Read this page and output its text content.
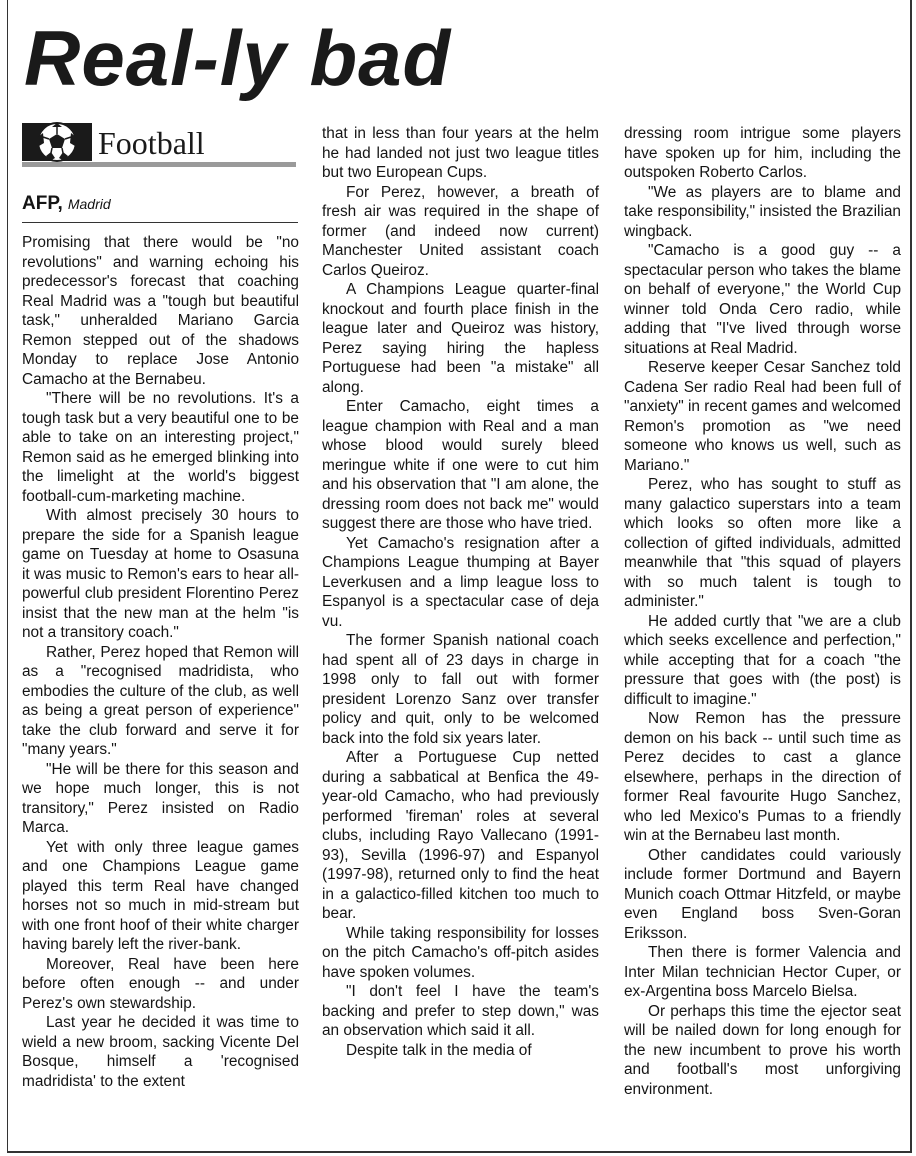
Real-ly bad
Football
AFP, Madrid

Promising that there would be "no revolutions" and warning echoing his predecessor's forecast that coaching Real Madrid was a "tough but beautiful task," unheralded Mariano Garcia Remon stepped out of the shadows Monday to replace Jose Antonio Camacho at the Bernabeu.

"There will be no revolutions. It's a tough task but a very beautiful one to be able to take on an interesting project," Remon said as he emerged blinking into the limelight at the world's biggest football-cum-marketing machine.

With almost precisely 30 hours to prepare the side for a Spanish league game on Tuesday at home to Osasuna it was music to Remon's ears to hear all-powerful club president Florentino Perez insist that the new man at the helm "is not a transitory coach."

Rather, Perez hoped that Remon will as a "recognised madridista, who embodies the culture of the club, as well as being a great person of experience" take the club forward and serve it for "many years."

"He will be there for this season and we hope much longer, this is not transitory," Perez insisted on Radio Marca.

Yet with only three league games and one Champions League game played this term Real have changed horses not so much in mid-stream but with one front hoof of their white charger having barely left the river-bank.

Moreover, Real have been here before often enough -- and under Perez's own stewardship.

Last year he decided it was time to wield a new broom, sacking Vicente Del Bosque, himself a 'recognised madridista' to the extent

that in less than four years at the helm he had landed not just two league titles but two European Cups.

For Perez, however, a breath of fresh air was required in the shape of former (and indeed now current) Manchester United assistant coach Carlos Queiroz.

A Champions League quarter-final knockout and fourth place finish in the league later and Queiroz was history, Perez saying hiring the hapless Portuguese had been "a mistake" all along.

Enter Camacho, eight times a league champion with Real and a man whose blood would surely bleed meringue white if one were to cut him and his observation that "I am alone, the dressing room does not back me" would suggest there are those who have tried.

Yet Camacho's resignation after a Champions League thumping at Bayer Leverkusen and a limp league loss to Espanyol is a spectacular case of deja vu.

The former Spanish national coach had spent all of 23 days in charge in 1998 only to fall out with former president Lorenzo Sanz over transfer policy and quit, only to be welcomed back into the fold six years later.

After a Portuguese Cup netted during a sabbatical at Benfica the 49-year-old Camacho, who had previously performed 'fireman' roles at several clubs, including Rayo Vallecano (1991-93), Sevilla (1996-97) and Espanyol (1997-98), returned only to find the heat in a galactico-filled kitchen too much to bear.

While taking responsibility for losses on the pitch Camacho's off-pitch asides have spoken volumes.

"I don't feel I have the team's backing and prefer to step down," was an observation which said it all.

Despite talk in the media of

dressing room intrigue some players have spoken up for him, including the outspoken Roberto Carlos.

"We as players are to blame and take responsibility," insisted the Brazilian wingback.

"Camacho is a good guy -- a spectacular person who takes the blame on behalf of everyone," the World Cup winner told Onda Cero radio, while adding that "I've lived through worse situations at Real Madrid.

Reserve keeper Cesar Sanchez told Cadena Ser radio Real had been full of "anxiety" in recent games and welcomed Remon's promotion as "we need someone who knows us well, such as Mariano."

Perez, who has sought to stuff as many galactico superstars into a team which looks so often more like a collection of gifted individuals, admitted meanwhile that "this squad of players with so much talent is tough to administer."

He added curtly that "we are a club which seeks excellence and perfection," while accepting that for a coach "the pressure that goes with (the post) is difficult to imagine."

Now Remon has the pressure demon on his back -- until such time as Perez decides to cast a glance elsewhere, perhaps in the direction of former Real favourite Hugo Sanchez, who led Mexico's Pumas to a friendly win at the Bernabeu last month.

Other candidates could variously include former Dortmund and Bayern Munich coach Ottmar Hitzfeld, or maybe even England boss Sven-Goran Eriksson.

Then there is former Valencia and Inter Milan technician Hector Cuper, or ex-Argentina boss Marcelo Bielsa.

Or perhaps this time the ejector seat will be nailed down for long enough for the new incumbent to prove his worth and football's most unforgiving environment.
